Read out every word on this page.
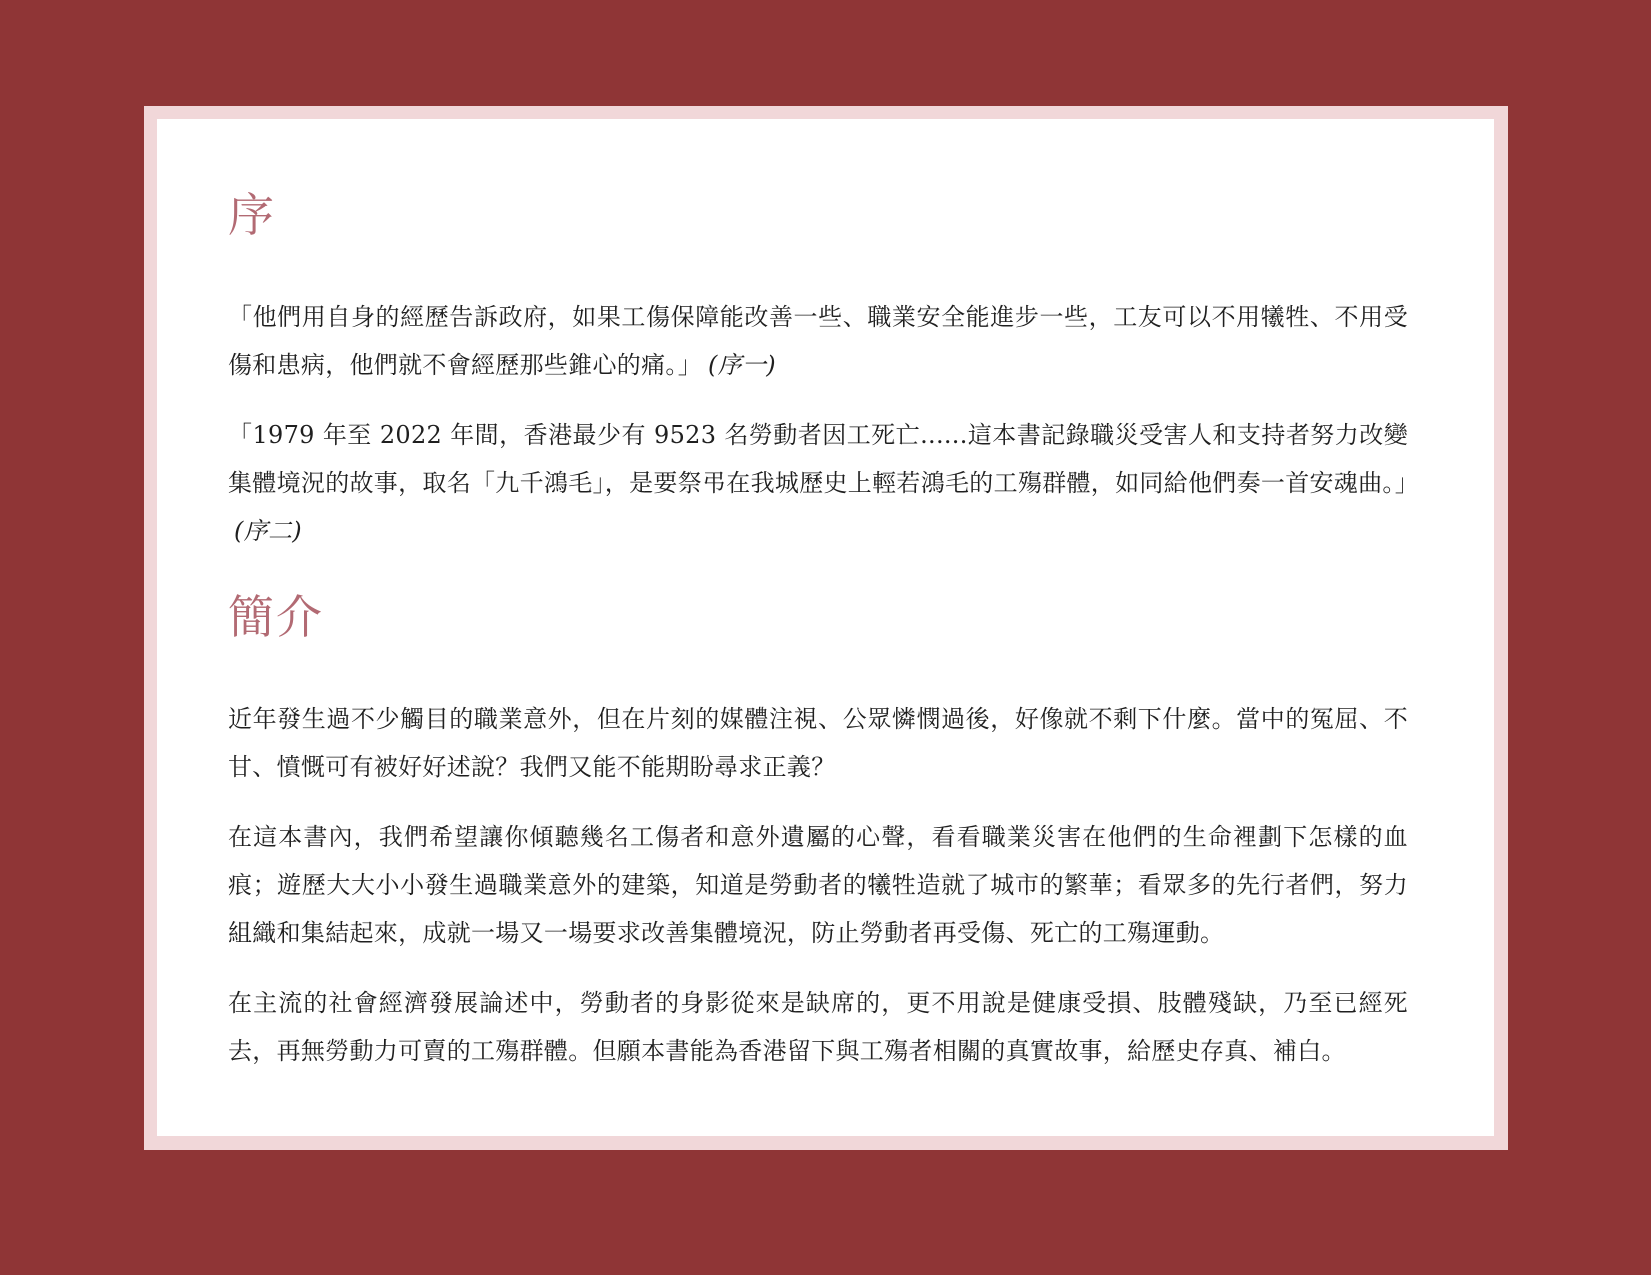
序

「他們用自身的經歷告訴政府，如果工傷保障能改善一些、職業安全能進步一些，工友可以不用犧牲、不用受傷和患病，他們就不會經歷那些錐心的痛。」 (序一)

「1979 年至 2022 年間，香港最少有 9523 名勞動者因工死亡......這本書記錄職災受害人和支持者努力改變集體境況的故事，取名「九千鴻毛」，是要祭弔在我城歷史上輕若鴻毛的工殤群體，如同給他們奏一首安魂曲。」(序二)

簡介

近年發生過不少觸目的職業意外，但在片刻的媒體注視、公眾憐憫過後，好像就不剩下什麼。當中的冤屈、不甘、憤慨可有被好好述說？我們又能不能期盼尋求正義？

在這本書內，我們希望讓你傾聽幾名工傷者和意外遺屬的心聲，看看職業災害在他們的生命裡劃下怎樣的血痕；遊歷大大小小發生過職業意外的建築，知道是勞動者的犧牲造就了城市的繁華；看眾多的先行者們，努力組織和集結起來，成就一場又一場要求改善集體境況，防止勞動者再受傷、死亡的工殤運動。

在主流的社會經濟發展論述中，勞動者的身影從來是缺席的，更不用說是健康受損、肢體殘缺，乃至已經死去，再無勞動力可賣的工殤群體。但願本書能為香港留下與工殤者相關的真實故事，給歷史存真、補白。
